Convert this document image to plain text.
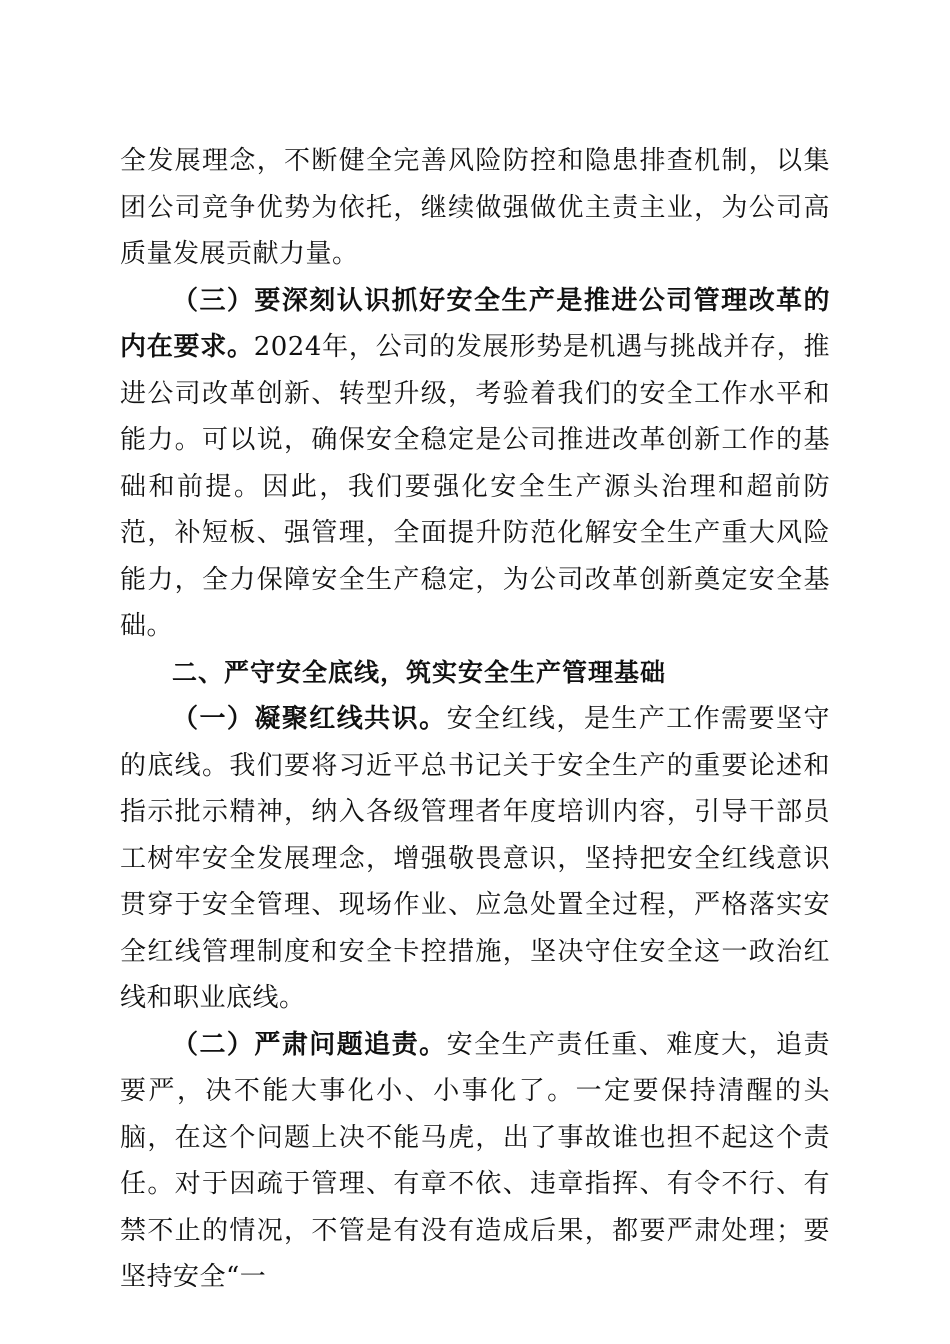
全发展理念，不断健全完善风险防控和隐患排查机制，以集团公司竞争优势为依托，继续做强做优主责主业，为公司高质量发展贡献力量。

（三）要深刻认识抓好安全生产是推进公司管理改革的内在要求。2024年，公司的发展形势是机遇与挑战并存，推进公司改革创新、转型升级，考验着我们的安全工作水平和能力。可以说，确保安全稳定是公司推进改革创新工作的基础和前提。因此，我们要强化安全生产源头治理和超前防范，补短板、强管理，全面提升防范化解安全生产重大风险能力，全力保障安全生产稳定，为公司改革创新奠定安全基础。

二、严守安全底线，筑实安全生产管理基础

（一）凝聚红线共识。安全红线，是生产工作需要坚守的底线。我们要将习近平总书记关于安全生产的重要论述和指示批示精神，纳入各级管理者年度培训内容，引导干部员工树牢安全发展理念，增强敬畏意识，坚持把安全红线意识贯穿于安全管理、现场作业、应急处置全过程，严格落实安全红线管理制度和安全卡控措施，坚决守住安全这一政治红线和职业底线。

（二）严肃问题追责。安全生产责任重、难度大，追责要严，决不能大事化小、小事化了。一定要保持清醒的头脑，在这个问题上决不能马虎，出了事故谁也担不起这个责任。对于因疏于管理、有章不依、违章指挥、有令不行、有禁不止的情况，不管是有没有造成后果，都要严肃处理；要坚持安全“一
